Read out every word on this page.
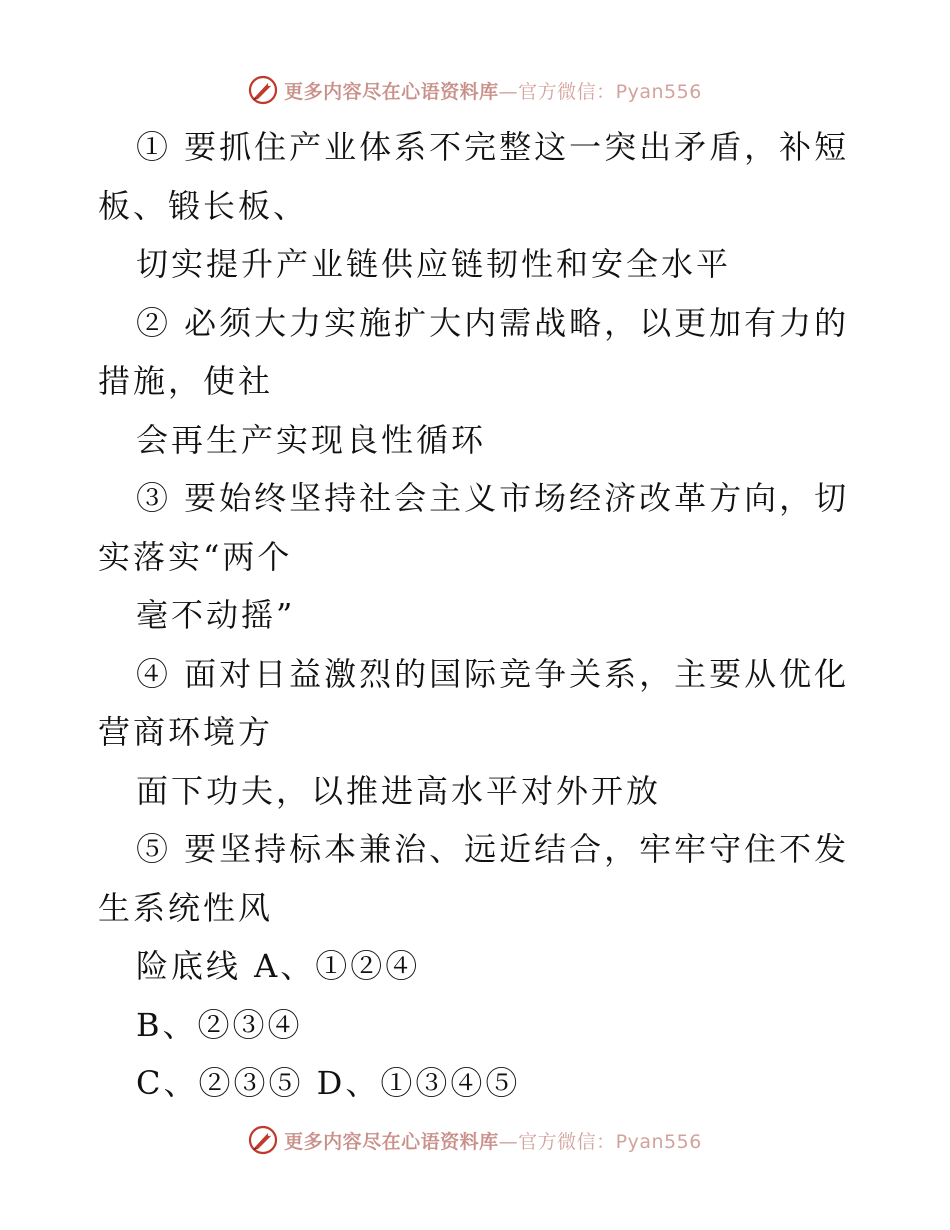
更多内容尽在心语资料库—官方微信：Pyan556
① 要抓住产业体系不完整这一突出矛盾，补短
板、锻长板、
切实提升产业链供应链韧性和安全水平
② 必须大力实施扩大内需战略，以更加有力的
措施，使社
会再生产实现良性循环
③ 要始终坚持社会主义市场经济改革方向，切
实落实“两个
毫不动摇”
④ 面对日益激烈的国际竞争关系，主要从优化
营商环境方
面下功夫，以推进高水平对外开放
⑤ 要坚持标本兼治、远近结合，牢牢守住不发
生系统性风
险底线 A、①②④
B、②③④
C、②③⑤ D、①③④⑤
更多内容尽在心语资料库—官方微信：Pyan556
